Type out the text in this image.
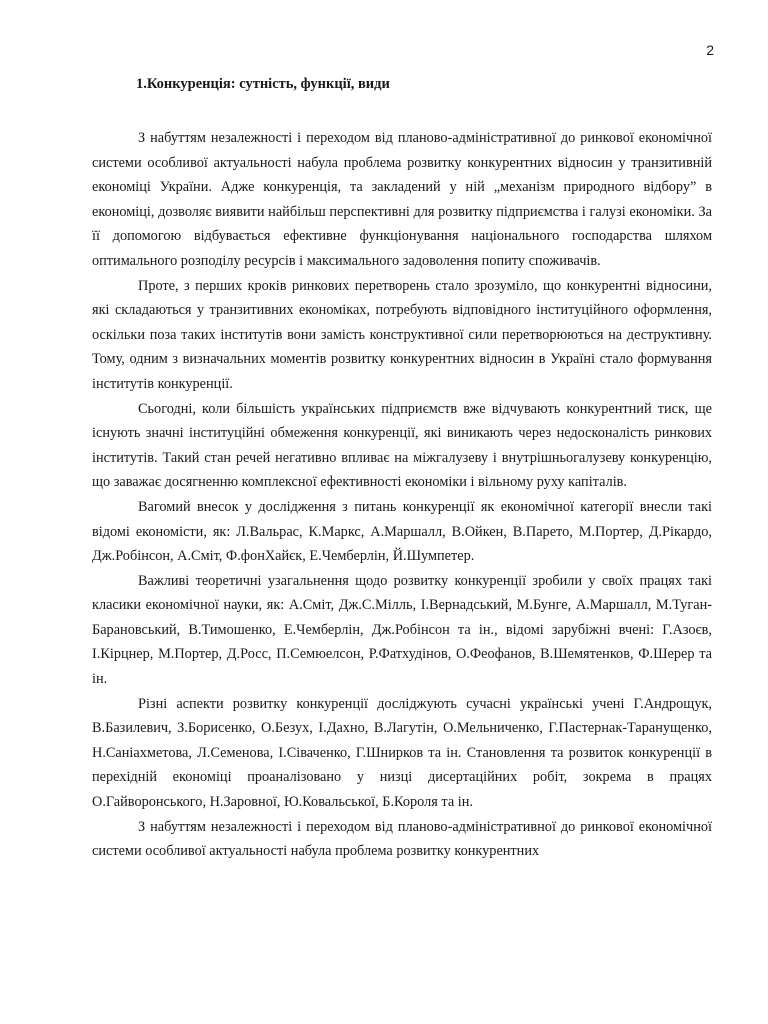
2
1.Конкуренція: сутність, функції, види

З набуттям незалежності і переходом від планово-адміністративної до ринкової економічної системи особливої актуальності набула проблема розвитку конкурентних відносин у транзитивній економіці України. Адже конкуренція, та закладений у ній „механізм природного відбору” в економіці, дозволяє виявити найбільш перспективні для розвитку підприємства і галузі економіки. За її допомогою відбувається ефективне функціонування національного господарства шляхом оптимального розподілу ресурсів і максимального задоволення попиту споживачів.

Проте, з перших кроків ринкових перетворень стало зрозуміло, що конкурентні відносини, які складаються у транзитивних економіках, потребують відповідного інституційного оформлення, оскільки поза таких інститутів вони замість конструктивної сили перетворюються на деструктивну. Тому, одним з визначальних моментів розвитку конкурентних відносин в Україні стало формування інститутів конкуренції.

Сьогодні, коли більшість українських підприємств вже відчувають конкурентний тиск, ще існують значні інституційні обмеження конкуренції, які виникають через недосконалість ринкових інститутів. Такий стан речей негативно впливає на міжгалузеву і внутрішньогалузеву конкуренцію, що заважає досягненню комплексної ефективності економіки і вільному руху капіталів.

Вагомий внесок у дослідження з питань конкуренції як економічної категорії внесли такі відомі економісти, як: Л.Вальрас, К.Маркс, А.Маршалл, В.Ойкен, В.Парето, М.Портер, Д.Рікардо, Дж.Робінсон, А.Сміт, Ф.фонХайєк, Е.Чемберлін, Й.Шумпетер.

Важливі теоретичні узагальнення щодо розвитку конкуренції зробили у своїх працях такі класики економічної науки, як: А.Сміт, Дж.С.Мілль, І.Вернадський, М.Бунге, А.Маршалл, М.Туган-Барановський, В.Тимошенко, Е.Чемберлін, Дж.Робінсон та ін., відомі зарубіжні вчені: Г.Азоєв, І.Кірцнер, М.Портер, Д.Росс, П.Семюелсон, Р.Фатхудінов, О.Феофанов, В.Шемятенков, Ф.Шерер та ін.

Різні аспекти розвитку конкуренції досліджують сучасні українські учені Г.Андрощук, В.Базилевич, З.Борисенко, О.Безух, І.Дахно, В.Лагутін, О.Мельниченко, Г.Пастернак-Таранущенко, Н.Саніахметова, Л.Семенова, І.Сіваченко, Г.Шнирков та ін. Становлення та розвиток конкуренції в перехідній економіці проаналізовано у низці дисертаційних робіт, зокрема в працях О.Гайворонського, Н.Заровної, Ю.Ковальської, Б.Короля та ін.

З набуттям незалежності і переходом від планово-адміністративної до ринкової економічної системи особливої актуальності набула проблема розвитку конкурентних
